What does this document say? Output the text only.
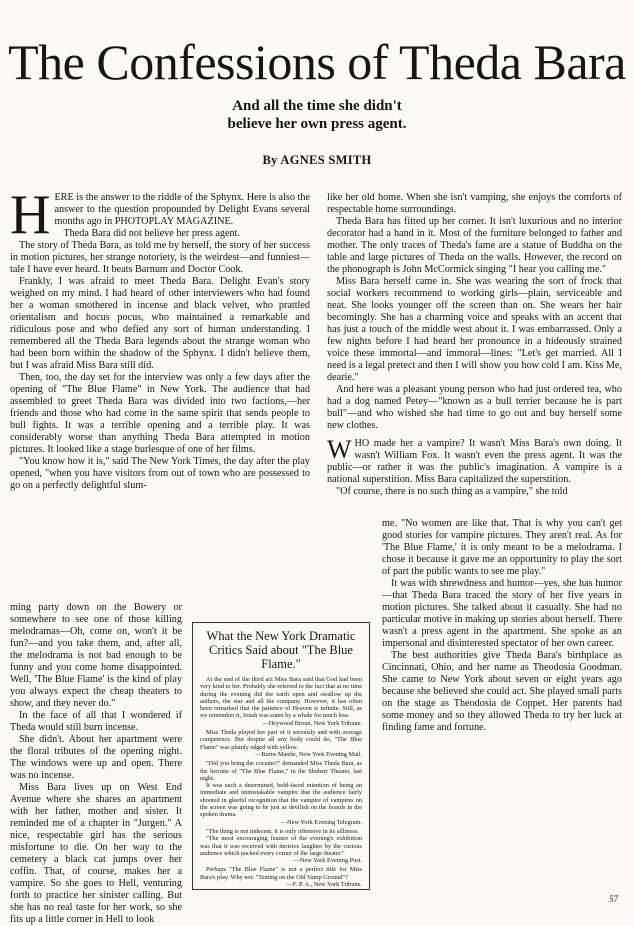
The Confessions of Theda Bara
And all the time she didn't
believe her own press agent.
By AGNES SMITH

HERE is the answer to the riddle of the Sphynx. Here is also the answer to the question propounded by Delight Evans several months ago in PHOTOPLAY MAGAZINE.

Theda Bara did not believe her press agent.

The story of Theda Bara, as told me by herself, the story of her success in motion pictures, her strange notoriety, is the weirdest—and funniest—tale I have ever heard. It beats Barnum and Doctor Cook.

Frankly, I was afraid to meet Theda Bara. Delight Evan's story weighed on my mind. I had heard of other interviewers who had found her a woman smothered in incense and black velvet, who prattled orientalism and hocus pocus, who maintained a remarkable and ridiculous pose and who defied any sort of human understanding. I remembered all the Theda Bara legends about the strange woman who had been born within the shadow of the Sphynx. I didn't believe them, but I was afraid Miss Bara still did.

Then, too, the day set for the interview was only a few days after the opening of "The Blue Flame" in New York. The audience that had assembled to greet Theda Bara was divided into two factions,—her friends and those who had come in the same spirit that sends people to bull fights. It was a terrible opening and a terrible play. It was considerably worse than anything Theda Bara attempted in motion pictures. It looked like a stage burlesque of one of her films.

"You know how it is," said The New York Times, the day after the play opened, "when you have visitors from out of town who are possessed to go on a perfectly delightful slum-

ming party down on the Bowery or somewhere to see one of those killing melodramas—Oh, come on, won't it be fun?—and you take them, and, after all, the melodrama is not bad enough to be funny and you come home disappointed. Well, 'The Blue Flame' is the kind of play you always expect the cheap theaters to show, and they never do."

In the face of all that I wondered if Theda would still burn incense.

She didn't. About her apartment were the floral tributes of the opening night. The windows were up and open. There was no incense.

Miss Bara lives up on West End Avenue where she shares an apartment with her father, mother and sister. It reminded me of a chapter in "Jurgen." A nice, respectable girl has the serious misfortune to die. On her way to the cemetery a black cat jumps over her coffin. That, of course, makes her a vampire. So she goes to Hell, venturing forth to practice her sinister calling. But she has no real taste for her work, so she fits up a little corner in Hell to look

like her old home. When she isn't vamping, she enjoys the comforts of respectable home surroundings.

Theda Bara has fitted up her corner. It isn't luxurious and no interior decorator had a hand in it. Most of the furniture belonged to father and mother. The only traces of Theda's fame are a statue of Buddha on the table and large pictures of Theda on the walls. However, the record on the phonograph is John McCormick singing "I hear you calling me."

Miss Bara herself came in. She was wearing the sort of frock that social workers recommend to working girls—plain, serviceable and neat. She looks younger off the screen than on. She wears her hair becomingly. She has a charming voice and speaks with an accent that has just a touch of the middle west about it. I was embarrassed. Only a few nights before I had heard her pronounce in a hideously strained voice these immortal—and immoral—lines: "Let's get married. All I need is a legal pretect and then I will show you how cold I am. Kiss Me, dearie."

And here was a pleasant young person who had just ordered tea, who had a dog named Petey—"known as a bull terrier because he is part bull"—and who wished she had time to go out and buy herself some new clothes.

WHO made her a vampire? It wasn't Miss Bara's own doing. It wasn't William Fox. It wasn't even the press agent. It was the public—or rather it was the public's imagination. A vampire is a national superstition. Miss Bara capitalized the superstition.

"Of course, there is no such thing as a vampire," she told

me. "No women are like that. That is why you can't get good stories for vampire pictures. They aren't real. As for 'The Blue Flame,' it is only meant to be a melodrama. I chose it because it gave me an opportunity to play the sort of part the public wants to see me play."

It was with shrewdness and humor—yes, she has humor—that Theda Bara traced the story of her five years in motion pictures. She talked about it casually. She had no particular motive in making up stories about herself. There wasn't a press agent in the apartment. She spoke as an impersonal and disinterested spectator of her own career.

The best authorities give Theda Bara's birthplace as Cincinnati, Ohio, and her name as Theodosia Goodman. She came to New York about seven or eight years ago because she believed she could act. She played small parts on the stage as Theodosia de Coppet. Her parents had some money and so they allowed Theda to try her luck at finding fame and fortune.

What the New York Dramatic Critics Said about "The Blue Flame."

At the end of the third act Miss Bara said that God had been very kind to her. Probably she referred to the fact that at no time during the evening did the earth open and swallow up the authors, the star and all the company. However, it has often been remarked that the patience of Heaven is infinite. Still, as we remember it, Jonah was eaten by a whale for much less.

—Heywood Broun, New York Tribune.

Miss Theda played her part of it seriously and with average competence. But despite all any body could do, "The Blue Flame" was plainly edged with yellow.

—Burns Mantle, New York Evening Mail.

"Did you bring the cocaine?" demanded Miss Theda Bara, as the heroine of "The Blue Flame," in the Shubert Theater, last night.

It was such a determined, bold-faced intention of being an immediate and unmistakable vampire that the audience fairly shouted in gleeful recognition that the vampire of vampires on the screen was going to be just as devilish on the boards in the spoken drama.

—New York Evening Telegram.

"The thing is not indecent, it is only offensive in its silliness.

"The most encouraging feature of the evening's exhibition was that it was received with derisive laughter by the curious audience which packed every corner of the large theater."

—New York Evening Post.

Perhaps "The Blue Flame" is not a perfect title for Miss Bara's play. Why not: "Tenting on the Old Vamp Ground"?

—F. P. A., New York Tribune.

57
